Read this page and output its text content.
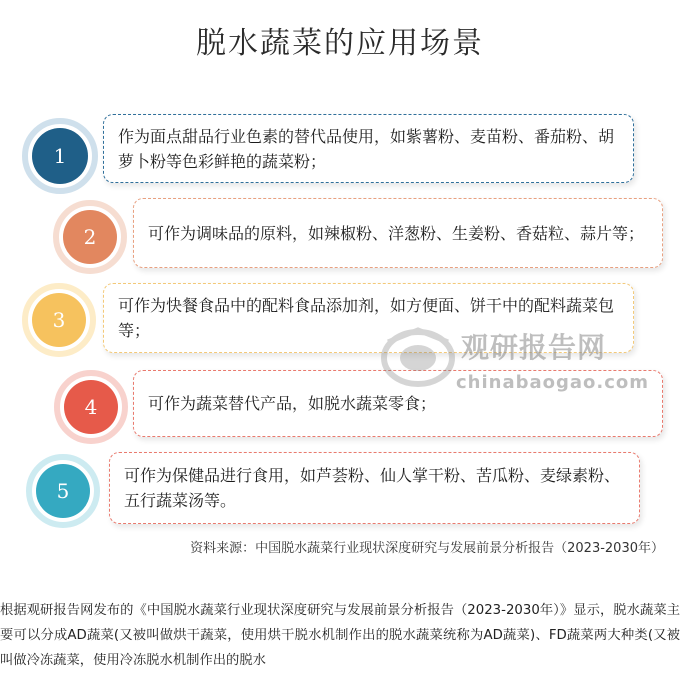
脱水蔬菜的应用场景
1
作为面点甜品行业色素的替代品使用，如紫薯粉、麦苗粉、番茄粉、胡萝卜粉等色彩鲜艳的蔬菜粉；
2	可作为调味品的原料，如辣椒粉、洋葱粉、生姜粉、香菇粒、蒜片等；
3
可作为快餐食品中的配料食品添加剂，如方便面、饼干中的配料蔬菜包等；
4	可作为蔬菜替代产品，如脱水蔬菜零食；
5
可作为保健品进行食用，如芦荟粉、仙人掌干粉、苦瓜粉、麦绿素粉、五行蔬菜汤等。
观研报告网
chinabaogao.com
资料来源：中国脱水蔬菜行业现状深度研究与发展前景分析报告（2023-2030年）
根据观研报告网发布的《中国脱水蔬菜行业现状深度研究与发展前景分析报告（2023-2030年）》显示，脱水蔬菜主要可以分成AD蔬菜(又被叫做烘干蔬菜，使用烘干脱水机制作出的脱水蔬菜统称为AD蔬菜)、FD蔬菜两大种类(又被叫做冷冻蔬菜，使用冷冻脱水机制作出的脱水
